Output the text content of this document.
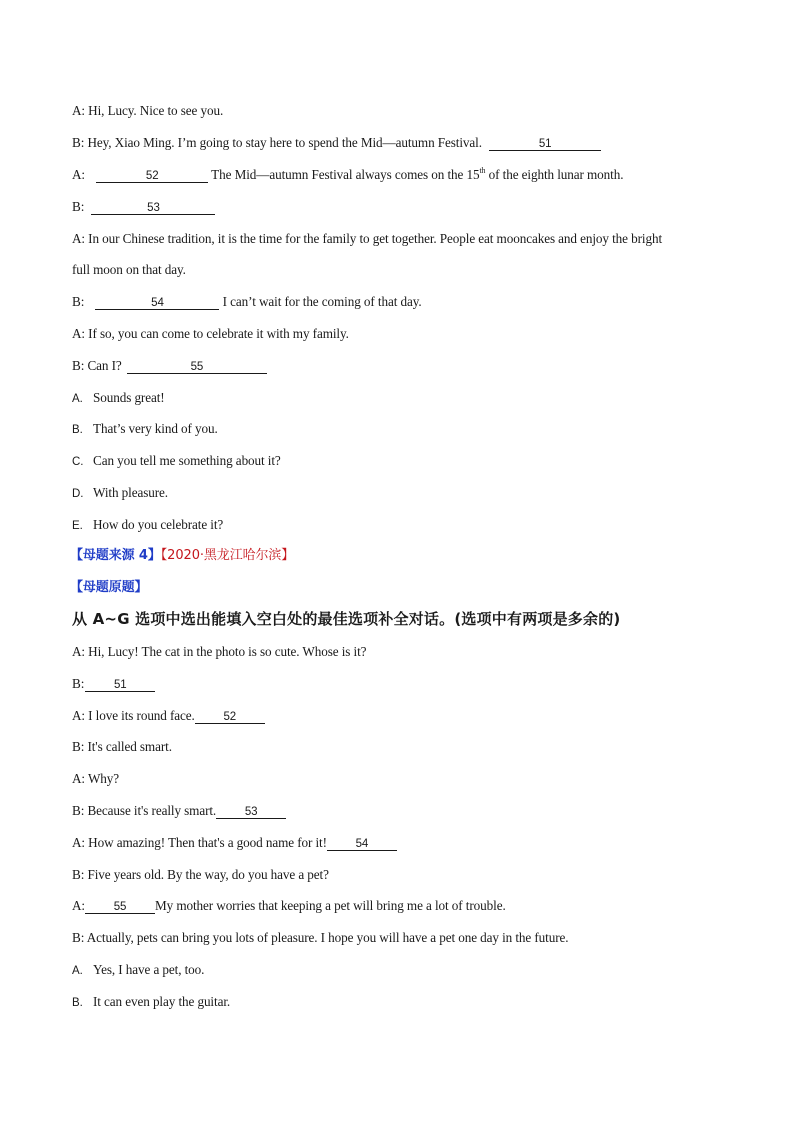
A: Hi, Lucy. Nice to see you.
B: Hey, Xiao Ming. I’m going to stay here to spend the Mid—autumn Festival.	51
A:	52	The Mid—autumn Festival always comes on the 15th of the eighth lunar month.
B:	53
A: In our Chinese tradition, it is the time for the family to get together. People eat mooncakes and enjoy the bright
full moon on that day.
B:	54	I can’t wait for the coming of that day.
A: If so, you can come to celebrate it with my family.
B: Can I?	55
A. Sounds great!
B. That’s very kind of you.
C. Can you tell me something about it?
D. With pleasure.
E. How do you celebrate it?
【母题来源 4】【2020·黑龙江哈尔滨】
【母题原题】
从 A~G 选项中选出能填入空白处的最佳选项补全对话。(选项中有两项是多余的)
A: Hi, Lucy! The cat in the photo is so cute. Whose is it?
B:	51
A: I love its round face. 52
B: It's called smart.
A: Why?
B: Because it's really smart. 53
A: How amazing! Then that's a good name for it! 54
B: Five years old. By the way, do you have a pet?
A: 55 My mother worries that keeping a pet will bring me a lot of trouble.
B: Actually, pets can bring you lots of pleasure. I hope you will have a pet one day in the future.
A. Yes, I have a pet, too.
B. It can even play the guitar.
